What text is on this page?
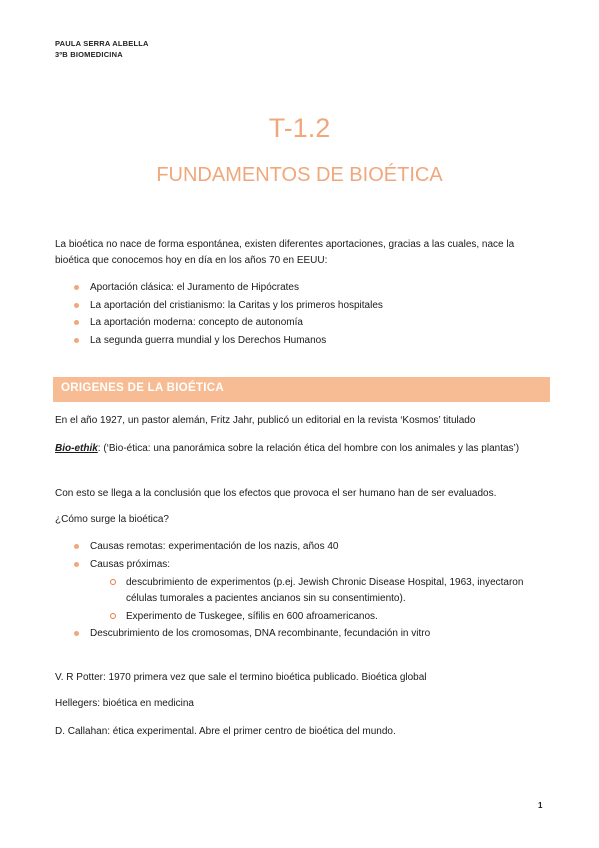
PAULA SERRA ALBELLA
3ºB BIOMEDICINA
T-1.2
FUNDAMENTOS DE BIOÉTICA
La bioética no nace de forma espontánea, existen diferentes aportaciones, gracias a las cuales, nace la bioética que conocemos hoy en día en los años 70 en EEUU:
Aportación clásica: el Juramento de Hipócrates
La aportación del cristianismo: la Caritas y los primeros hospitales
La aportación moderna: concepto de autonomía
La segunda guerra mundial y los Derechos Humanos
ORIGENES DE LA BIOÉTICA
En el año 1927, un pastor alemán, Fritz Jahr, publicó un editorial en la revista ‘Kosmos’ titulado
Bio-ethik: (‘Bio-ética: una panorámica sobre la relación ética del hombre con los animales y las plantas’)
Con esto se llega a la conclusión que los efectos que provoca el ser humano han de ser evaluados.
¿Cómo surge la bioética?
Causas remotas: experimentación de los nazis, años 40
Causas próximas:
descubrimiento de experimentos (p.ej. Jewish Chronic Disease Hospital, 1963, inyectaron células tumorales a pacientes ancianos sin su consentimiento).
Experimento de Tuskegee, sífilis en 600 afroamericanos.
Descubrimiento de los cromosomas, DNA recombinante, fecundación in vitro
V. R Potter: 1970 primera vez que sale el termino bioética publicado. Bioética global
Hellegers: bioética en medicina
D. Callahan: ética experimental. Abre el primer centro de bioética del mundo.
1
